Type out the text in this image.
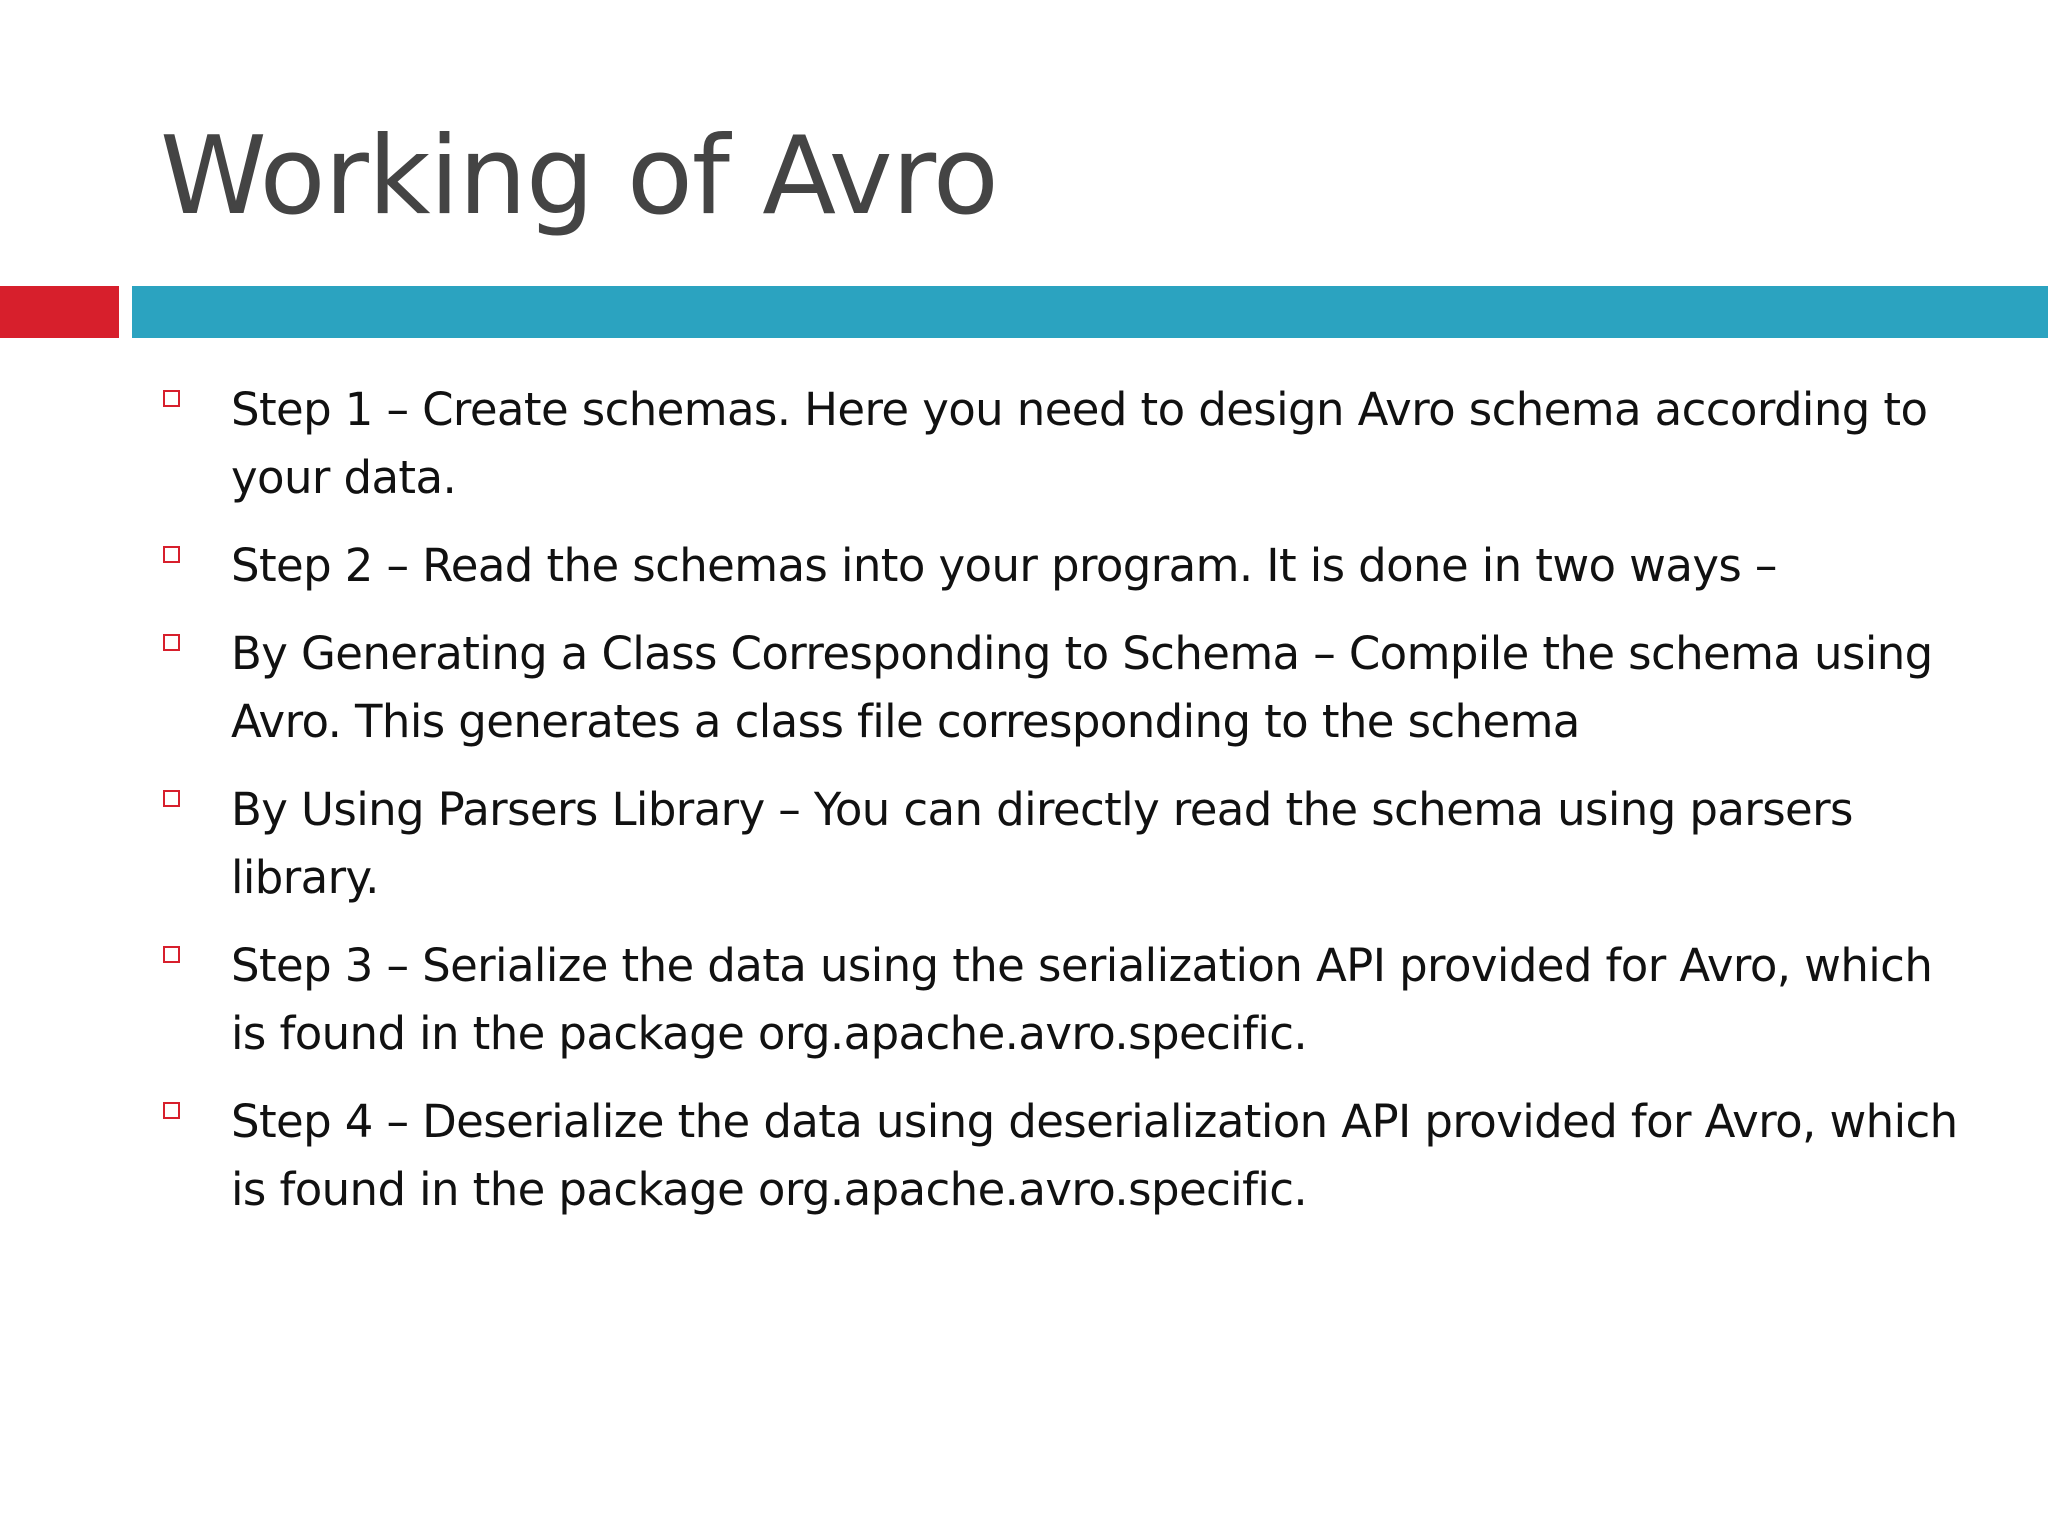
Working of Avro
Step 1 – Create schemas. Here you need to design Avro schema according to your data.
Step 2 – Read the schemas into your program. It is done in two ways –
By Generating a Class Corresponding to Schema – Compile the schema using Avro. This generates a class file corresponding to the schema
By Using Parsers Library – You can directly read the schema using parsers library.
Step 3 – Serialize the data using the serialization API provided for Avro, which is found in the package org.apache.avro.specific.
Step 4 – Deserialize the data using deserialization API provided for Avro, which is found in the package org.apache.avro.specific.
